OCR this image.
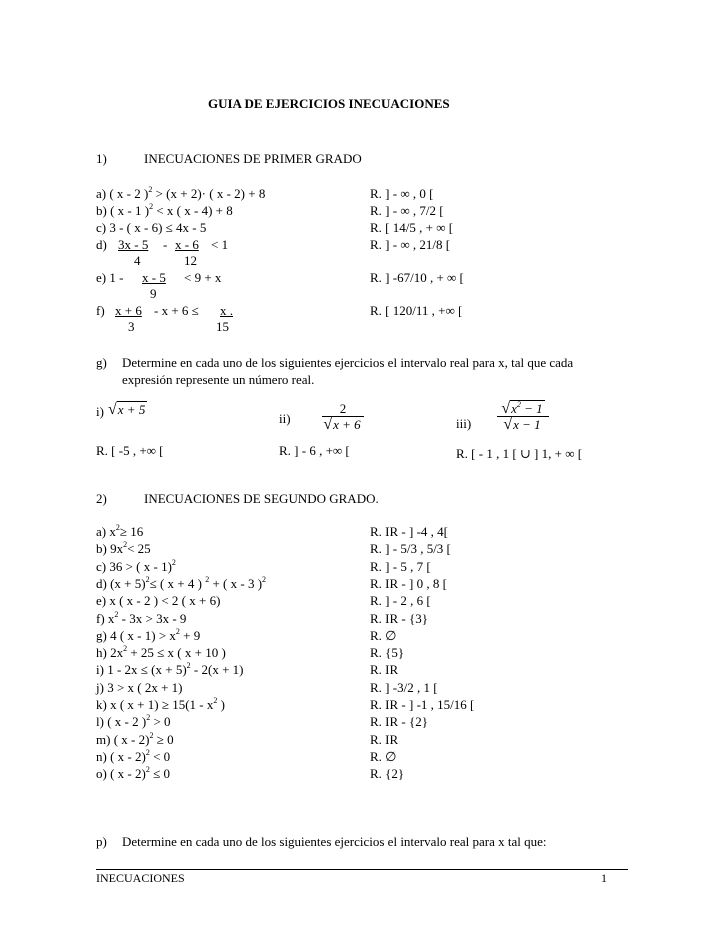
GUIA DE EJERCICIOS INECUACIONES
1)	INECUACIONES DE PRIMER GRADO
a) ( x - 2 )$^2$ > (x + 2)· ( x - 2) + 8	R. ] - ∞ , 0 [
b) ( x - 1 )$^2$ < x ( x - 4) + 8	R. ] - ∞ , 7/2 [
c) 3 - ( x - 6) ≤ 4x - 5	R. [ 14/5 , + ∞ [
d) 3x - 5 - x - 6 < 1
4	12
R. ] - ∞ , 21/8 [
e) 1 - x - 5 < 9 + x
9
R. ] -67/10 , + ∞ [
f) x + 6 - x + 6 ≤	x .
3	15
R. [ 120/11 , +∞ [
g) Determine en cada uno de los siguientes ejercicios el intervalo real para x, tal que cada
expresión represente un número real.
i) √x + 5
R. [ -5 , +∞ [
$ii) \frac{2}{√x + 6}$
R. ] - 6 , +∞ [
$iii) \frac{√x^2 - 1}{√x - 1}$
R. [ - 1 , 1 [ ∪ ] 1, + ∞ [
2)	INECUACIONES DE SEGUNDO GRADO.
a) $x^2\ge 16$	R. IR - ] -4 , 4[
b) $9x^2< 25$	R. ] - 5/3 , 5/3 [
c) 36 > ( x - 1)$^2$	R. ] - 5 , 7 [
d) $(x + 5)^2\le$ ( x + 4 ) $^2$ + ( x - 3 )$^2$	R. IR - ] 0 , 8 [
e) x ( x - 2 ) < 2 ( x + 6)	R. ] - 2 , 6 [
f) $x^2 - 3x > 3x - 9$	R. IR - {3}
g) 4 ( $x - 1) > x^2 + 9$	R. ∅
h) $2x^2 + 25 \le x$ ( x + 10 )	R. {5}
i) $1 - 2x \le (x + 5)^2 - 2(x + 1)$	R. IR
j) 3 > x ( 2x + 1)	R. ] -3/2 , 1 [
k) x ( $x + 1) \ge 15(1 - x^2$ )	R. IR - ] -1 , 15/16 [
l) ( x - 2 )$^2$ > 0	R. IR - {2}
m) ( x - 2)$^2$ ≥ 0	R. IR
n) ( x - 2)$^2$ < 0	R. ∅
o) ( x - 2)$^2$ ≤ 0	R. {2}
p) Determine en cada uno de los siguientes ejercicios el intervalo real para x tal que:
INECUACIONES	1
